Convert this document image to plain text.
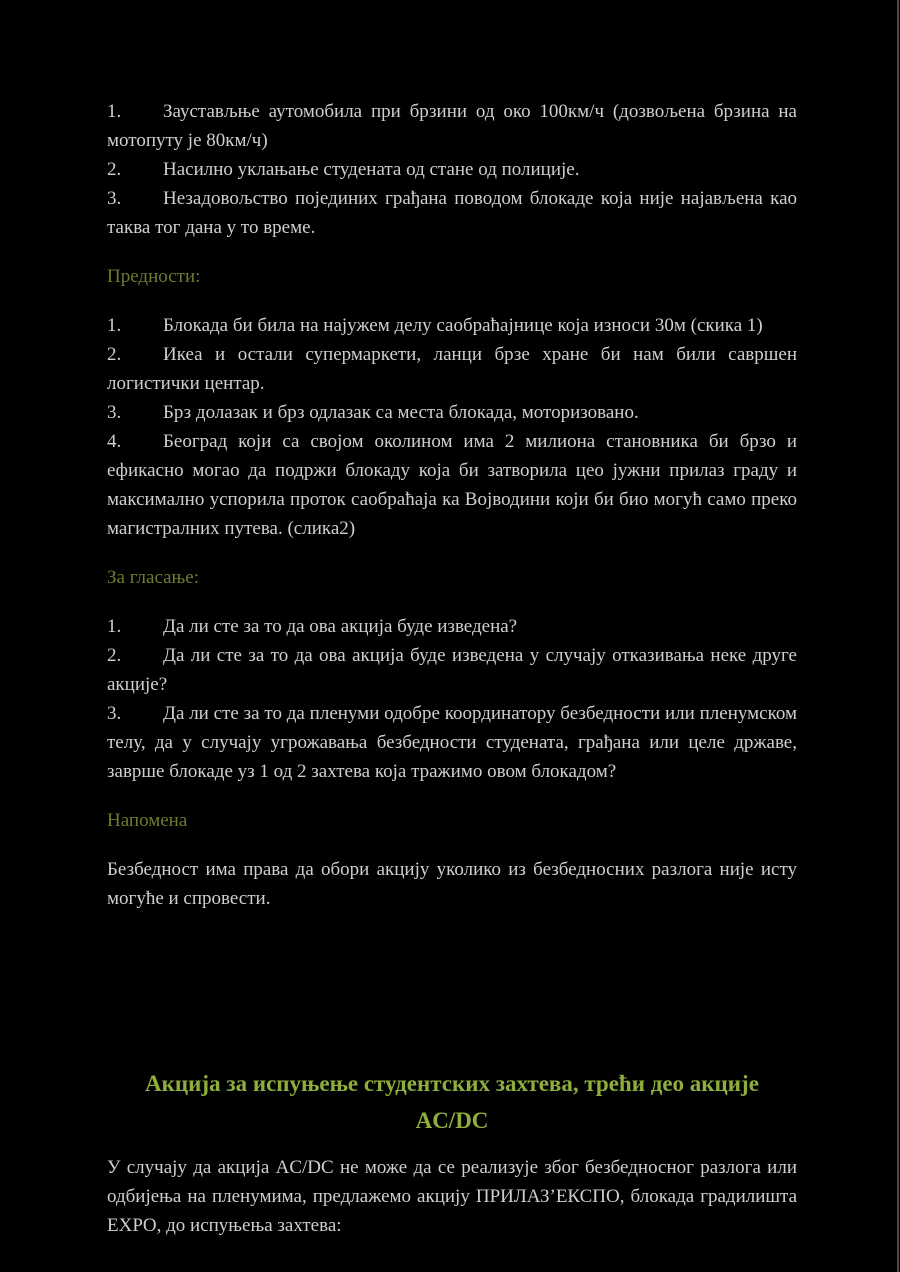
1. Заустављње аутомобила при брзини од око 100км/ч (дозвољена брзина на мотопуту је 80км/ч)

2. Насилно уклањање студената од стане од полиције.

3. Незадовољство појединих грађана поводом блокаде која није најављена као таква тог дана у то време.

Предности:

1. Блокада би била на најужем делу саобраћајнице која износи 30м (скика 1)

2. Икеа и остали супермаркети, ланци брзе хране би нам били савршен логистички центар.

3. Брз долазак и брз одлазак са места блокада, моторизовано.

4. Београд који са својом околином има 2 милиона становника би брзо и ефикасно могао да подржи блокаду која би затворила цео јужни прилаз граду и максимално успорила проток саобраћаја ка Војводини који би био могућ само преко магистралних путева. (слика2)

За гласање:

1. Да ли сте за то да ова акција буде изведена?

2. Да ли сте за то да ова акција буде изведена у случају отказивања неке друге акције?

3. Да ли сте за то да пленуми одобре координатору безбедности или пленумском телу, да у случају угрожавања безбедности студената, грађана или целе државе, заврше блокаде уз 1 од 2 захтева која тражимо овом блокадом?

Напомена

Безбедност има права да обори акцију уколико из безбедносних разлога није исту могуће и спровести.

Акција за испуњење студентских захтева, трећи део акције
AC/DC

У случају да акција AC/DC не може да се реализује због безбедносног разлога или одбијења на пленумима, предлажемо акцију ПРИЛАЗ’ЕКСПО, блокада градилишта EXPO, до испуњења захтева:
